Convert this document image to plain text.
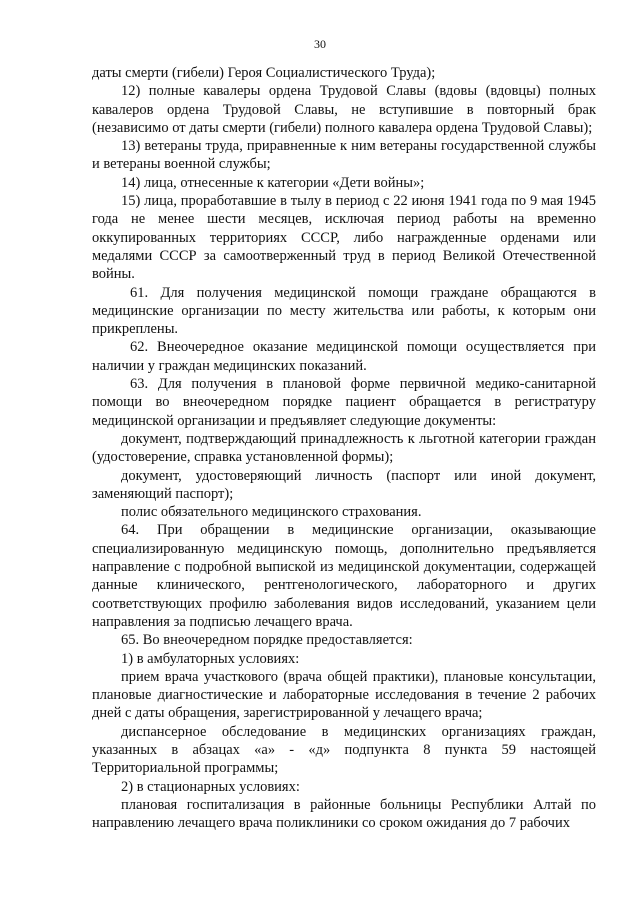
30

даты смерти (гибели) Героя Социалистического Труда);

12) полные кавалеры ордена Трудовой Славы (вдовы (вдовцы) полных кавалеров ордена Трудовой Славы, не вступившие в повторный брак (независимо от даты смерти (гибели) полного кавалера ордена Трудовой Славы);

13) ветераны труда, приравненные к ним ветераны государственной службы и ветераны военной службы;

14) лица, отнесенные к категории «Дети войны»;

15) лица, проработавшие в тылу в период с 22 июня 1941 года по 9 мая 1945 года не менее шести месяцев, исключая период работы на временно оккупированных территориях СССР, либо награжденные орденами или медалями СССР за самоотверженный труд в период Великой Отечественной войны.

61. Для получения медицинской помощи граждане обращаются в медицинские организации по месту жительства или работы, к которым они прикреплены.

62. Внеочередное оказание медицинской помощи осуществляется при наличии у граждан медицинских показаний.

63. Для получения в плановой форме первичной медико-санитарной помощи во внеочередном порядке пациент обращается в регистратуру медицинской организации и предъявляет следующие документы:

документ, подтверждающий принадлежность к льготной категории граждан (удостоверение, справка установленной формы);

документ, удостоверяющий личность (паспорт или иной документ, заменяющий паспорт);

полис обязательного медицинского страхования.

64. При обращении в медицинские организации, оказывающие специализированную медицинскую помощь, дополнительно предъявляется направление с подробной выпиской из медицинской документации, содержащей данные клинического, рентгенологического, лабораторного и других соответствующих профилю заболевания видов исследований, указанием цели направления за подписью лечащего врача.

65. Во внеочередном порядке предоставляется:

1) в амбулаторных условиях:

прием врача участкового (врача общей практики), плановые консультации, плановые диагностические и лабораторные исследования в течение 2 рабочих дней с даты обращения, зарегистрированной у лечащего врача;

диспансерное обследование в медицинских организациях граждан, указанных в абзацах «а» - «д» подпункта 8 пункта 59 настоящей Территориальной программы;

2) в стационарных условиях:

плановая госпитализация в районные больницы Республики Алтай по направлению лечащего врача поликлиники со сроком ожидания до 7 рабочих
